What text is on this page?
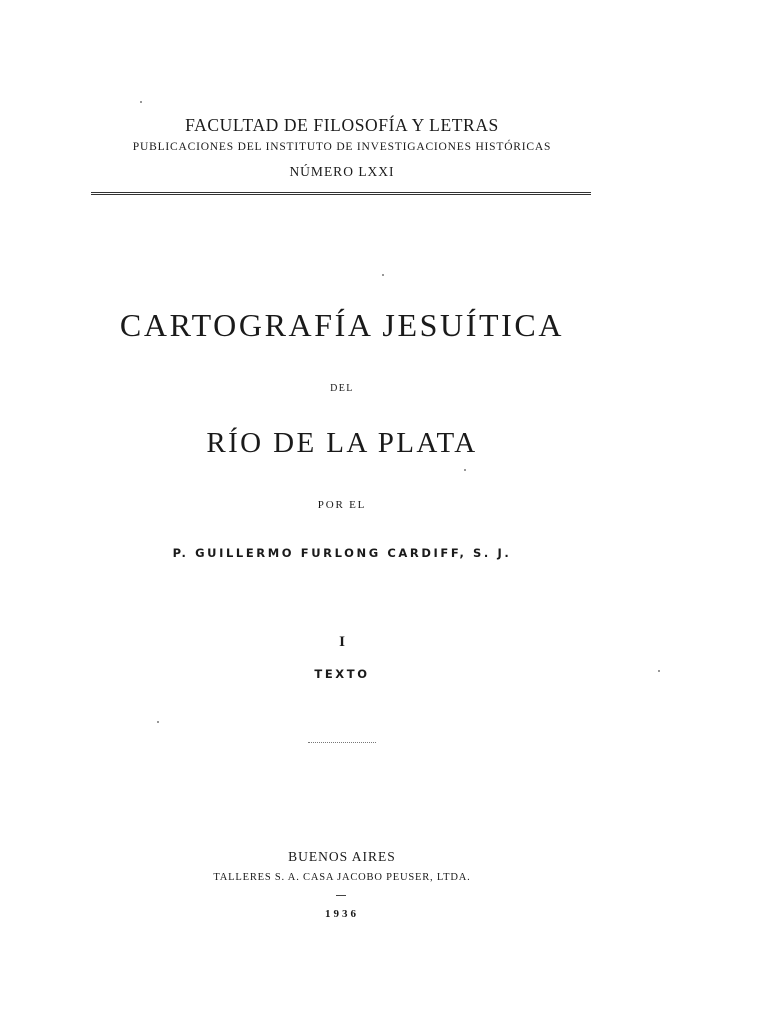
FACULTAD DE FILOSOFÍA Y LETRAS
PUBLICACIONES DEL INSTITUTO DE INVESTIGACIONES HISTÓRICAS
NÚMERO LXXI
CARTOGRAFÍA JESUÍTICA
DEL
RÍO DE LA PLATA
POR EL
P. GUILLERMO FURLONG CARDIFF, S. J.
I
TEXTO
BUENOS AIRES
TALLERES S. A. CASA JACOBO PEUSER, LTDA.
1936
